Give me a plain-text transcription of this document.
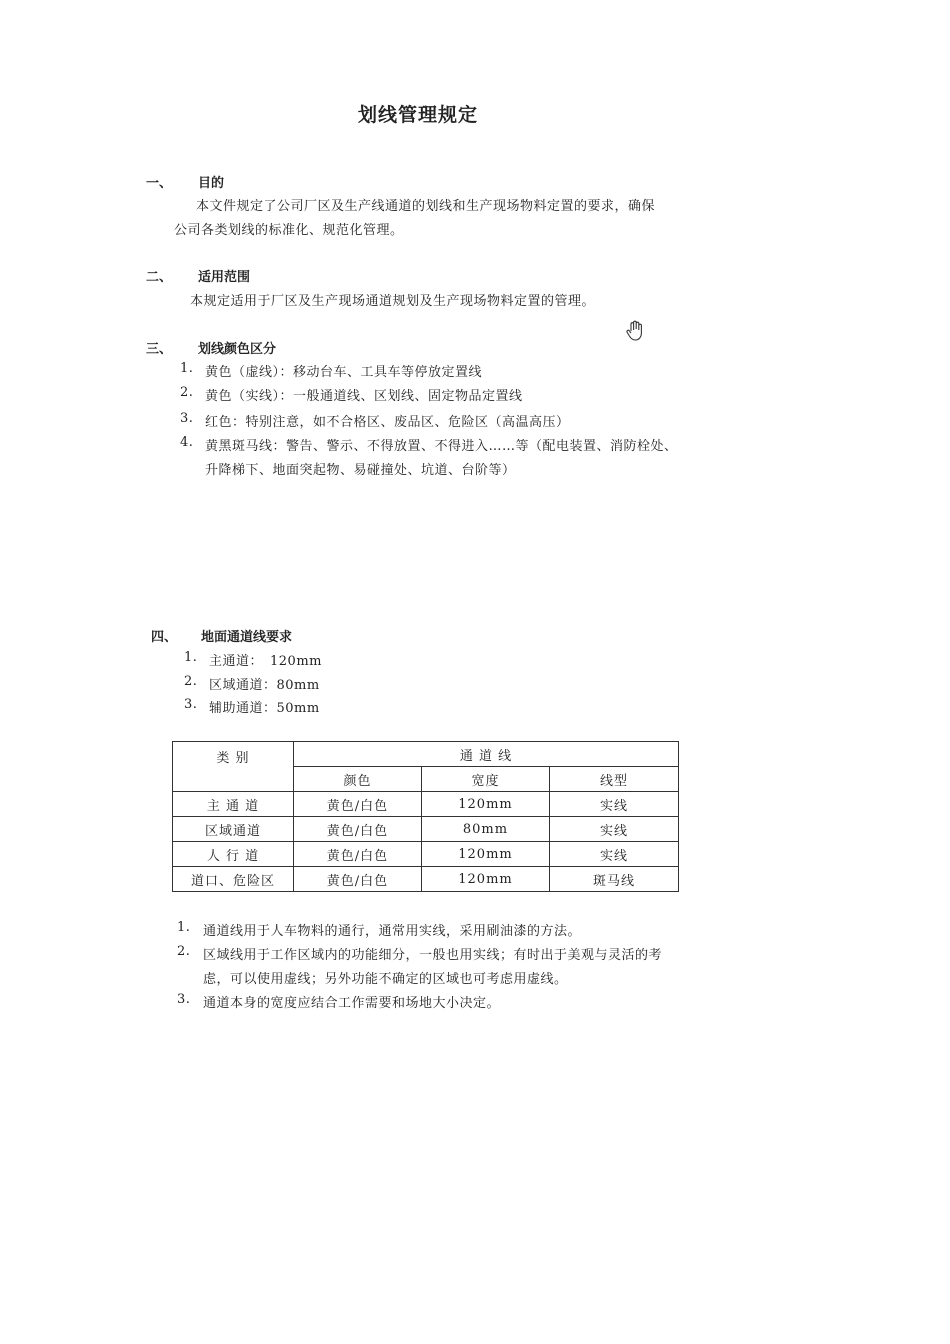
划线管理规定
一、 目的
本文件规定了公司厂区及生产线通道的划线和生产现场物料定置的要求，确保
公司各类划线的标准化、规范化管理。
二、 适用范围
本规定适用于厂区及生产现场通道规划及生产现场物料定置的管理。
三、 划线颜色区分
1. 黄色（虚线）：移动台车、工具车等停放定置线
2. 黄色（实线）：一般通道线、区划线、固定物品定置线
3. 红色：特别注意，如不合格区、废品区、危险区（高温高压）
4. 黄黑斑马线：警告、警示、不得放置、不得进入……等（配电装置、消防栓处、
升降梯下、地面突起物、易碰撞处、坑道、台阶等）
四、 地面通道线要求
1. 主通道：　120mm
2. 区域通道：80mm
3. 辅助通道：50mm
类 别	通 道 线		
	颜色	宽度	线型
主 通 道	黄色/白色	120mm	实线
区域通道	黄色/白色	80mm	实线
人 行 道	黄色/白色	120mm	实线
道口、危险区	黄色/白色	120mm	斑马线
1. 通道线用于人车物料的通行，通常用实线，采用刷油漆的方法。
2. 区域线用于工作区域内的功能细分，一般也用实线；有时出于美观与灵活的考
虑，可以使用虚线；另外功能不确定的区域也可考虑用虚线。
3. 通道本身的宽度应结合工作需要和场地大小决定。
